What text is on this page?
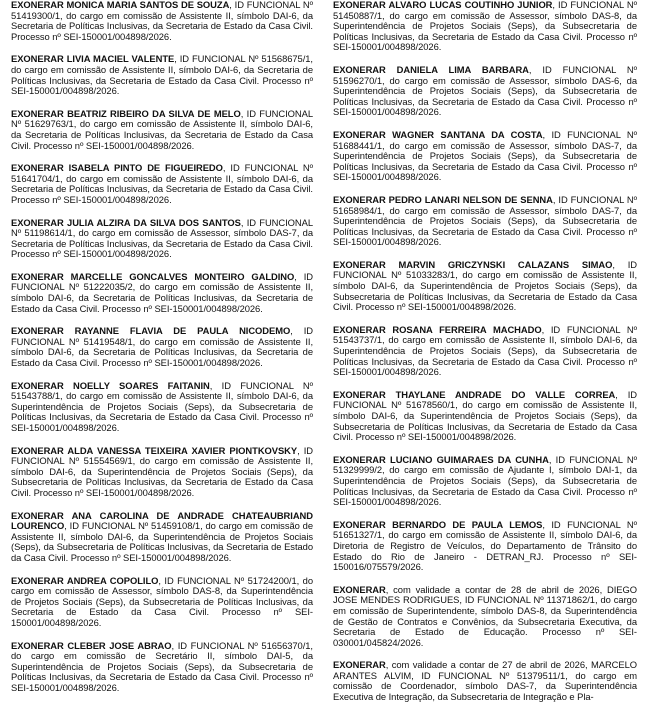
EXONERAR MONICA MARIA SANTOS DE SOUZA, ID FUNCIONAL Nº 51419300/1, do cargo em comissão de Assistente II, símbolo DAI-6, da Secretaria de Políticas Inclusivas, da Secretaria de Estado da Casa Civil. Processo nº SEI-150001/004898/2026.

EXONERAR LIVIA MACIEL VALENTE, ID FUNCIONAL Nº 51568675/1, do cargo em comissão de Assistente II, símbolo DAI-6, da Secretaria de Políticas Inclusivas, da Secretaria de Estado da Casa Civil. Processo nº SEI-150001/004898/2026.

EXONERAR BEATRIZ RIBEIRO DA SILVA DE MELO, ID FUNCIONAL Nº 51629763/1, do cargo em comissão de Assistente II, símbolo DAI-6, da Secretaria de Políticas Inclusivas, da Secretaria de Estado da Casa Civil. Processo nº SEI-150001/004898/2026.

EXONERAR ISABELA PINTO DE FIGUEIREDO, ID FUNCIONAL Nº 51641704/1, do cargo em comissão de Assistente II, símbolo DAI-6, da Secretaria de Políticas Inclusivas, da Secretaria de Estado da Casa Civil. Processo nº SEI-150001/004898/2026.

EXONERAR JULIA ALZIRA DA SILVA DOS SANTOS, ID FUNCIONAL Nº 51198614/1, do cargo em comissão de Assessor, símbolo DAS-7, da Secretaria de Políticas Inclusivas, da Secretaria de Estado da Casa Civil. Processo nº SEI-150001/004898/2026.

EXONERAR MARCELLE GONCALVES MONTEIRO GALDINO, ID FUNCIONAL Nº 51222035/2, do cargo em comissão de Assistente II, símbolo DAI-6, da Secretaria de Políticas Inclusivas, da Secretaria de Estado da Casa Civil. Processo nº SEI-150001/004898/2026.

EXONERAR RAYANNE FLAVIA DE PAULA NICODEMO, ID FUNCIONAL Nº 51419548/1, do cargo em comissão de Assistente II, símbolo DAI-6, da Secretaria de Políticas Inclusivas, da Secretaria de Estado da Casa Civil. Processo nº SEI-150001/004898/2026.

EXONERAR NOELLY SOARES FAITANIN, ID FUNCIONAL Nº 51543788/1, do cargo em comissão de Assistente II, símbolo DAI-6, da Superintendência de Projetos Sociais (Seps), da Subsecretaria de Políticas Inclusivas, da Secretaria de Estado da Casa Civil. Processo nº SEI-150001/004898/2026.

EXONERAR ALDA VANESSA TEIXEIRA XAVIER PIONTKOVSKY, ID FUNCIONAL Nº 51554569/1, do cargo em comissão de Assistente II, símbolo DAI-6, da Superintendência de Projetos Sociais (Seps), da Subsecretaria de Políticas Inclusivas, da Secretaria de Estado da Casa Civil. Processo nº SEI-150001/004898/2026.

EXONERAR ANA CAROLINA DE ANDRADE CHATEAUBRIAND LOURENCO, ID FUNCIONAL Nº 51459108/1, do cargo em comissão de Assistente II, símbolo DAI-6, da Superintendência de Projetos Sociais (Seps), da Subsecretaria de Políticas Inclusivas, da Secretaria de Estado da Casa Civil. Processo nº SEI-150001/004898/2026.

EXONERAR ANDREA COPOLILO, ID FUNCIONAL Nº 51724200/1, do cargo em comissão de Assessor, símbolo DAS-8, da Superintendência de Projetos Sociais (Seps), da Subsecretaria de Políticas Inclusivas, da Secretaria de Estado da Casa Civil. Processo nº SEI-150001/004898/2026.

EXONERAR CLEBER JOSE ABRAO, ID FUNCIONAL Nº 51656370/1, do cargo em comissão de Secretário II, símbolo DAI-5, da Superintendência de Projetos Sociais (Seps), da Subsecretaria de Políticas Inclusivas, da Secretaria de Estado da Casa Civil. Processo nº SEI-150001/004898/2026.

EXONERAR ALVARO LUCAS COUTINHO JUNIOR, ID FUNCIONAL Nº 51450887/1, do cargo em comissão de Assessor, símbolo DAS-8, da Superintendência de Projetos Sociais (Seps), da Subsecretaria de Políticas Inclusivas, da Secretaria de Estado da Casa Civil. Processo nº SEI-150001/004898/2026.

EXONERAR DANIELA LIMA BARBARA, ID FUNCIONAL Nº 51596270/1, do cargo em comissão de Assessor, símbolo DAS-6, da Superintendência de Projetos Sociais (Seps), da Subsecretaria de Políticas Inclusivas, da Secretaria de Estado da Casa Civil. Processo nº SEI-150001/004898/2026.

EXONERAR WAGNER SANTANA DA COSTA, ID FUNCIONAL Nº 51688441/1, do cargo em comissão de Assessor, símbolo DAS-7, da Superintendência de Projetos Sociais (Seps), da Subsecretaria de Políticas Inclusivas, da Secretaria de Estado da Casa Civil. Processo nº SEI-150001/004898/2026.

EXONERAR PEDRO LANARI NELSON DE SENNA, ID FUNCIONAL Nº 51658984/1, do cargo em comissão de Assessor, símbolo DAS-7, da Superintendência de Projetos Sociais (Seps), da Subsecretaria de Políticas Inclusivas, da Secretaria de Estado da Casa Civil. Processo nº SEI-150001/004898/2026.

EXONERAR MARVIN GRICZYNSKI CALAZANS SIMAO, ID FUNCIONAL Nº 51033283/1, do cargo em comissão de Assistente II, símbolo DAI-6, da Superintendência de Projetos Sociais (Seps), da Subsecretaria de Políticas Inclusivas, da Secretaria de Estado da Casa Civil. Processo nº SEI-150001/004898/2026.

EXONERAR ROSANA FERREIRA MACHADO, ID FUNCIONAL Nº 51543737/1, do cargo em comissão de Assistente II, símbolo DAI-6, da Superintendência de Projetos Sociais (Seps), da Subsecretaria de Políticas Inclusivas, da Secretaria de Estado da Casa Civil. Processo nº SEI-150001/004898/2026.

EXONERAR THAYLANE ANDRADE DO VALLE CORREA, ID FUNCIONAL Nº 51678560/1, do cargo em comissão de Assistente II, símbolo DAI-6, da Superintendência de Projetos Sociais (Seps), da Subsecretaria de Políticas Inclusivas, da Secretaria de Estado da Casa Civil. Processo nº SEI-150001/004898/2026.

EXONERAR LUCIANO GUIMARAES DA CUNHA, ID FUNCIONAL Nº 51329999/2, do cargo em comissão de Ajudante I, símbolo DAI-1, da Superintendência de Projetos Sociais (Seps), da Subsecretaria de Políticas Inclusivas, da Secretaria de Estado da Casa Civil. Processo nº SEI-150001/004898/2026.

EXONERAR BERNARDO DE PAULA LEMOS, ID FUNCIONAL Nº 51651327/1, do cargo em comissão de Assistente II, símbolo DAI-6, da Diretoria de Registro de Veículos, do Departamento de Trânsito do Estado do Rio de Janeiro - DETRAN_RJ. Processo nº SEI-150016/075579/2026.

EXONERAR, com validade a contar de 28 de abril de 2026, DIEGO JOSE MENDES RODRIGUES, ID FUNCIONAL Nº 11371862/1, do cargo em comissão de Superintendente, símbolo DAS-8, da Superintendência de Gestão de Contratos e Convênios, da Subsecretaria Executiva, da Secretaria de Estado de Educação. Processo nº SEI-030001/045824/2026.

EXONERAR, com validade a contar de 27 de abril de 2026, MARCELO ARANTES ALVIM, ID FUNCIONAL Nº 51379511/1, do cargo em comissão de Coordenador, símbolo DAS-7, da Superintendência Executiva de Integração, da Subsecretaria de Integração e Pla-
